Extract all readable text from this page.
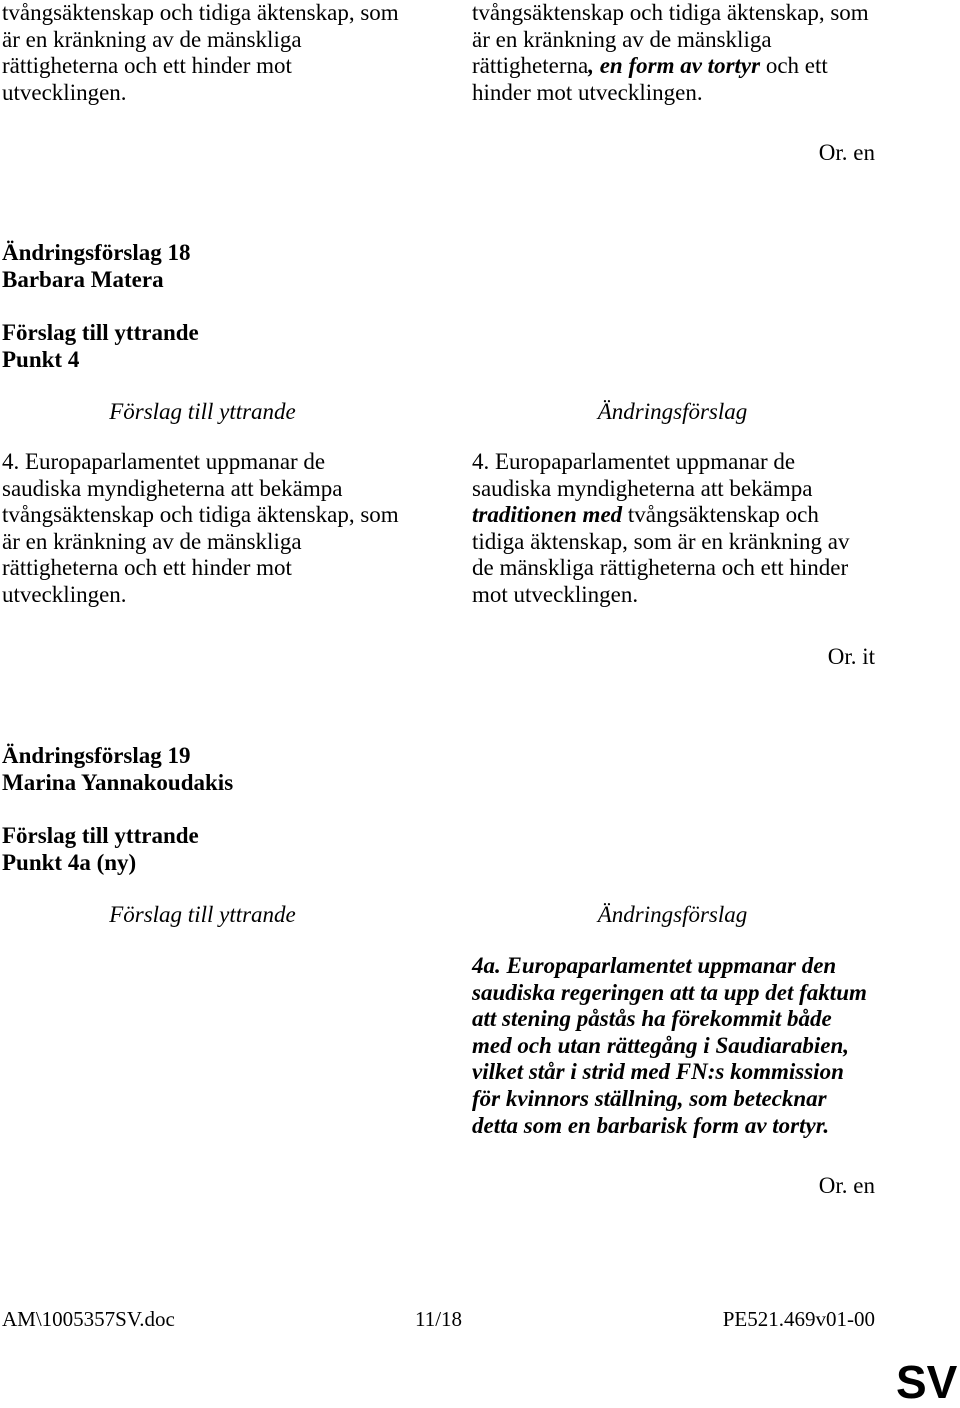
tvångsäktenskap och tidiga äktenskap, som
är en kränkning av de mänskliga
rättigheterna och ett hinder mot
utvecklingen.
tvångsäktenskap och tidiga äktenskap, som
är en kränkning av de mänskliga
rättigheterna, en form av tortyr och ett
hinder mot utvecklingen.
Or. en
Ändringsförslag 18
Barbara Matera
Förslag till yttrande
Punkt 4
Förslag till yttrande	Ändringsförslag
4. Europaparlamentet uppmanar de
saudiska myndigheterna att bekämpa
tvångsäktenskap och tidiga äktenskap, som
är en kränkning av de mänskliga
rättigheterna och ett hinder mot
utvecklingen.
4. Europaparlamentet uppmanar de
saudiska myndigheterna att bekämpa
traditionen med tvångsäktenskap och
tidiga äktenskap, som är en kränkning av
de mänskliga rättigheterna och ett hinder
mot utvecklingen.
Or. it
Ändringsförslag 19
Marina Yannakoudakis
Förslag till yttrande
Punkt 4a (ny)
Förslag till yttrande	Ändringsförslag
4a. Europaparlamentet uppmanar den
saudiska regeringen att ta upp det faktum
att stening påstås ha förekommit både
med och utan rättegång i Saudiarabien,
vilket står i strid med FN:s kommission
för kvinnors ställning, som betecknar
detta som en barbarisk form av tortyr.
Or. en
AM\1005357SV.doc	11/18	PE521.469v01-00
SV
